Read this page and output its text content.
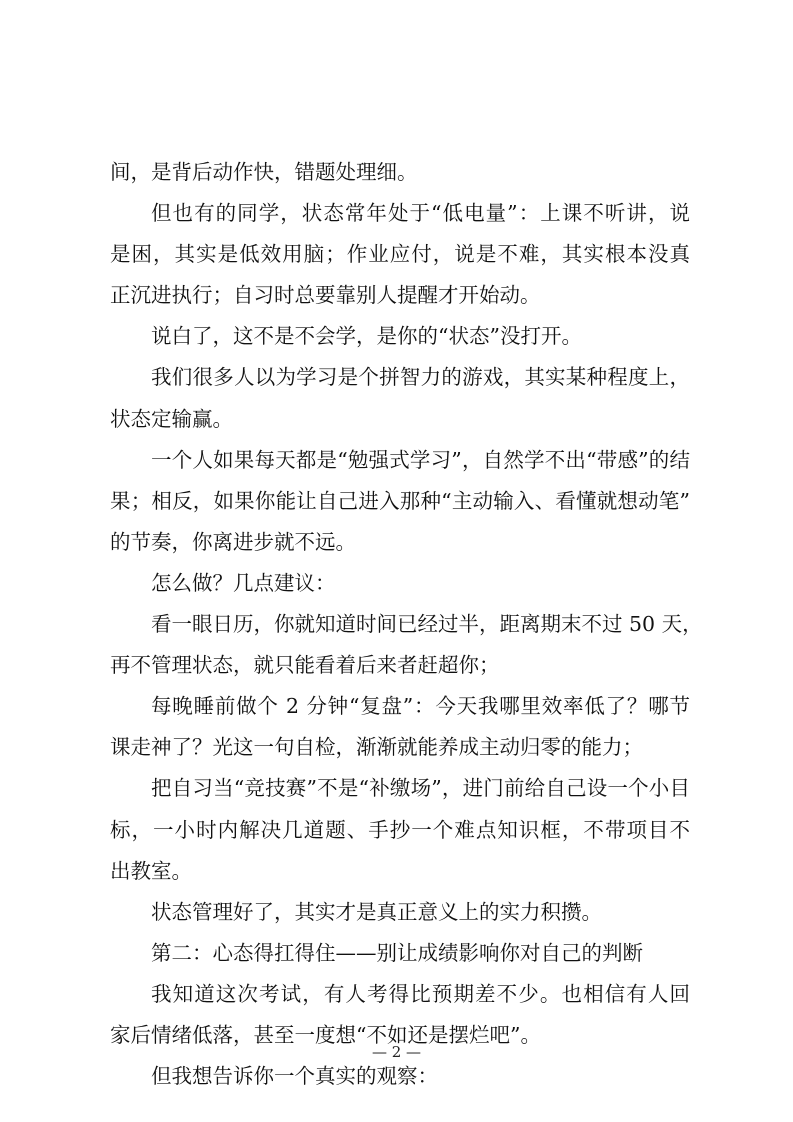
间，是背后动作快，错题处理细。
但也有的同学，状态常年处于“低电量”：上课不听讲，说
是困，其实是低效用脑；作业应付，说是不难，其实根本没真
正沉进执行；自习时总要靠别人提醒才开始动。
说白了，这不是不会学，是你的“状态”没打开。
我们很多人以为学习是个拼智力的游戏，其实某种程度上，
状态定输赢。
一个人如果每天都是“勉强式学习”，自然学不出“带感”的结
果；相反，如果你能让自己进入那种“主动输入、看懂就想动笔”
的节奏，你离进步就不远。
怎么做？几点建议：
看一眼日历，你就知道时间已经过半，距离期末不过 50 天，
再不管理状态，就只能看着后来者赶超你；
每晚睡前做个 2 分钟“复盘”：今天我哪里效率低了？哪节
课走神了？光这一句自检，渐渐就能养成主动归零的能力；
把自习当“竞技赛”不是“补缴场”，进门前给自己设一个小目
标，一小时内解决几道题、手抄一个难点知识框，不带项目不
出教室。
状态管理好了，其实才是真正意义上的实力积攒。
第二：心态得扛得住——别让成绩影响你对自己的判断
我知道这次考试，有人考得比预期差不少。也相信有人回
家后情绪低落，甚至一度想“不如还是摆烂吧”。
但我想告诉你一个真实的观察：
— 2 —
